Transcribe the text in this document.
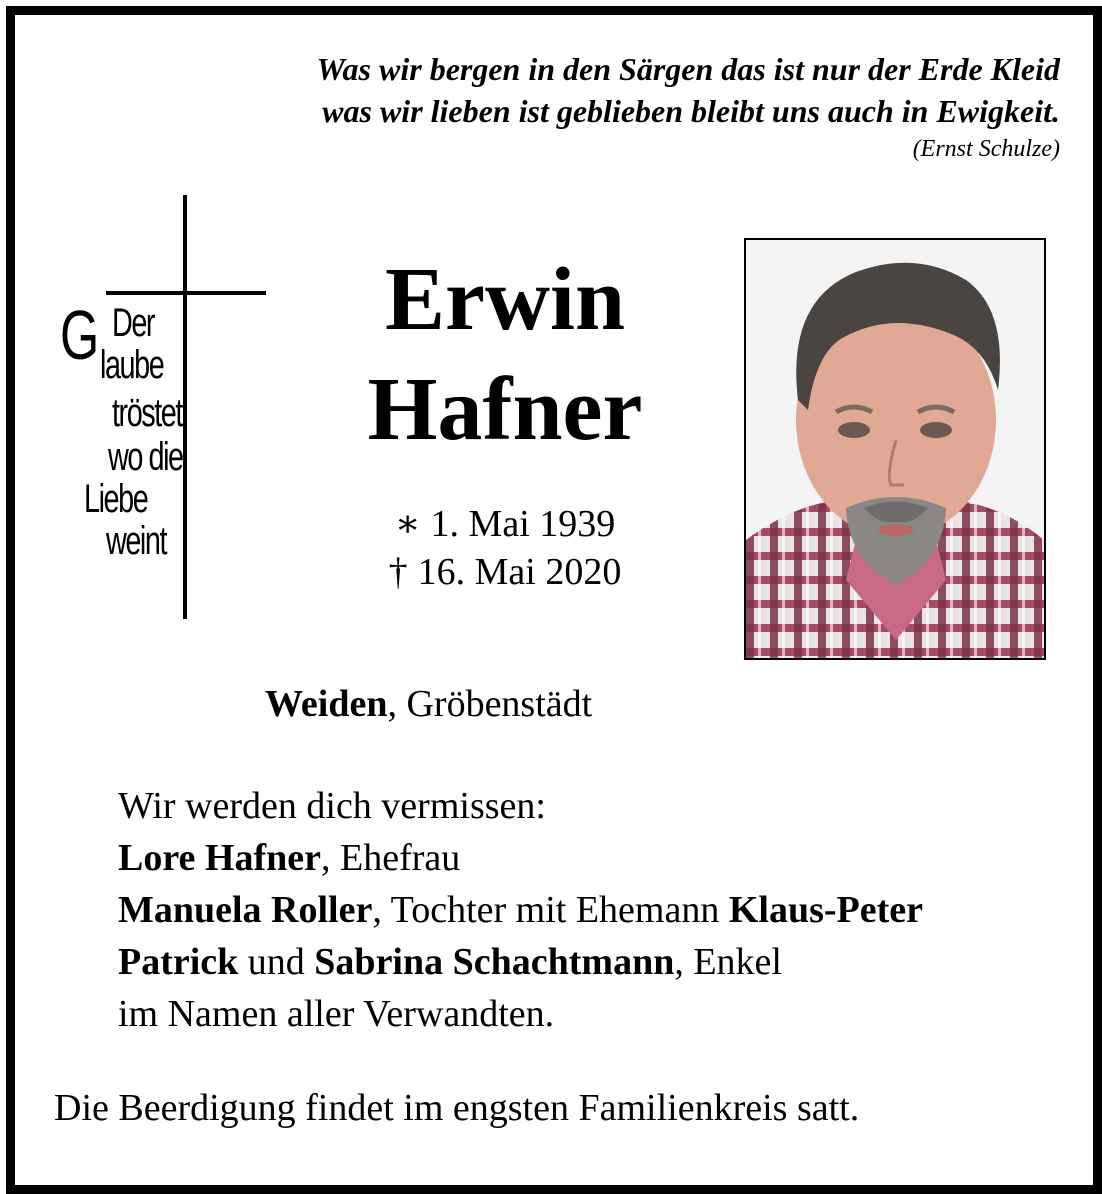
Was wir bergen in den Särgen das ist nur der Erde Kleid
was wir lieben ist geblieben bleibt uns auch in Ewigkeit.
(Ernst Schulze)
G Der
laube
tröstet
wo die
Liebe
weint
Erwin
Hafner
∗ 1. Mai 1939
† 16. Mai 2020
Weiden, Gröbenstädt
Wir werden dich vermissen:
Lore Hafner, Ehefrau
Manuela Roller, Tochter mit Ehemann Klaus-Peter
Patrick und Sabrina Schachtmann, Enkel
im Namen aller Verwandten.
Die Beerdigung findet im engsten Familienkreis satt.
